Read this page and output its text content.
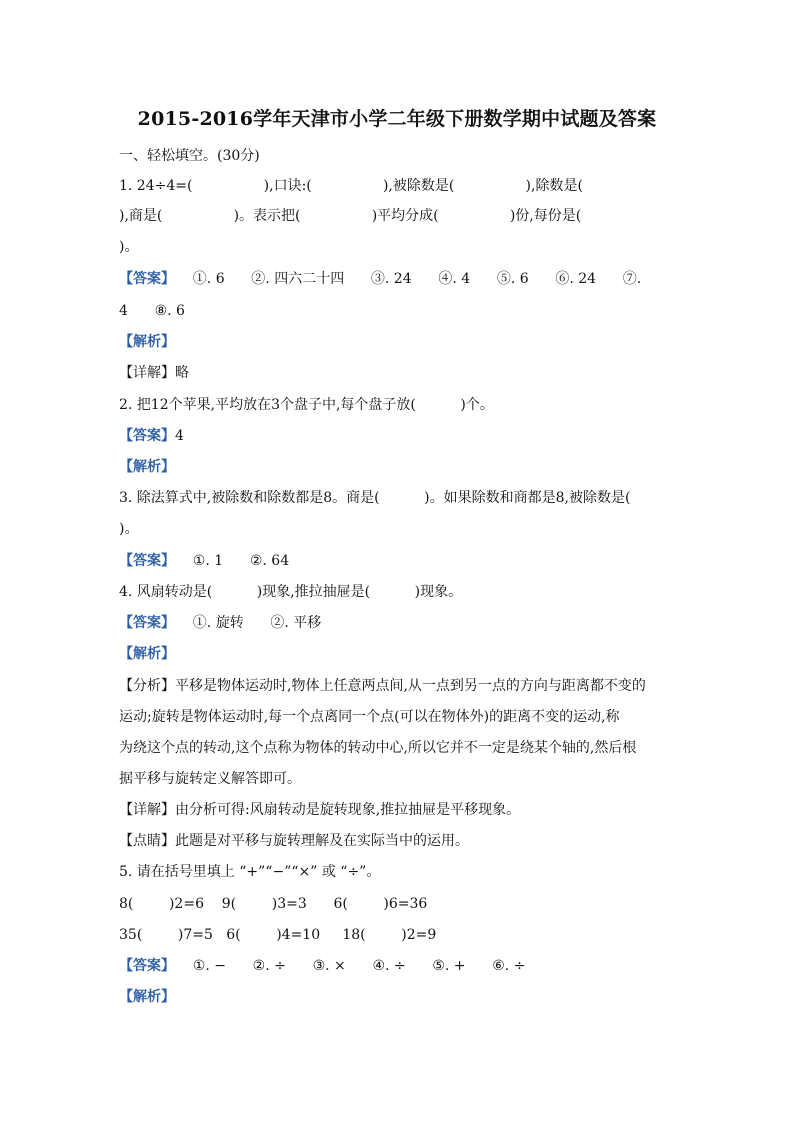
2015-2016学年天津市小学二年级下册数学期中试题及答案
一、轻松填空。(30分)
1. 24÷4=(                ),口诀:(                ),被除数是(                ),除数是(
),商是(                )。表示把(                )平均分成(                )份,每份是(
)。
【答案】    ①. 6      ②. 四六二十四      ③. 24      ④. 4      ⑤. 6      ⑥. 24      ⑦.
4      ⑧. 6
【解析】
【详解】略
2. 把12个苹果,平均放在3个盘子中,每个盘子放(          )个。
【答案】4
【解析】
3. 除法算式中,被除数和除数都是8。商是(          )。如果除数和商都是8,被除数是(
)。
【答案】    ①. 1      ②. 64
4. 风扇转动是(          )现象,推拉抽屉是(          )现象。
【答案】    ①. 旋转      ②. 平移
【解析】
【分析】平移是物体运动时,物体上任意两点间,从一点到另一点的方向与距离都不变的
运动;旋转是物体运动时,每一个点离同一个点(可以在物体外)的距离不变的运动,称
为绕这个点的转动,这个点称为物体的转动中心,所以它并不一定是绕某个轴的,然后根
据平移与旋转定义解答即可。
【详解】由分析可得:风扇转动是旋转现象,推拉抽屉是平移现象。
【点睛】此题是对平移与旋转理解及在实际当中的运用。
5. 请在括号里填上 “+”“−”“×” 或 “÷”。
8(        )2=6    9(        )3=3      6(        )6=36
35(        )7=5   6(        )4=10     18(        )2=9
【答案】    ①. −      ②. ÷      ③. ×      ④. ÷      ⑤. +      ⑥. ÷
【解析】
